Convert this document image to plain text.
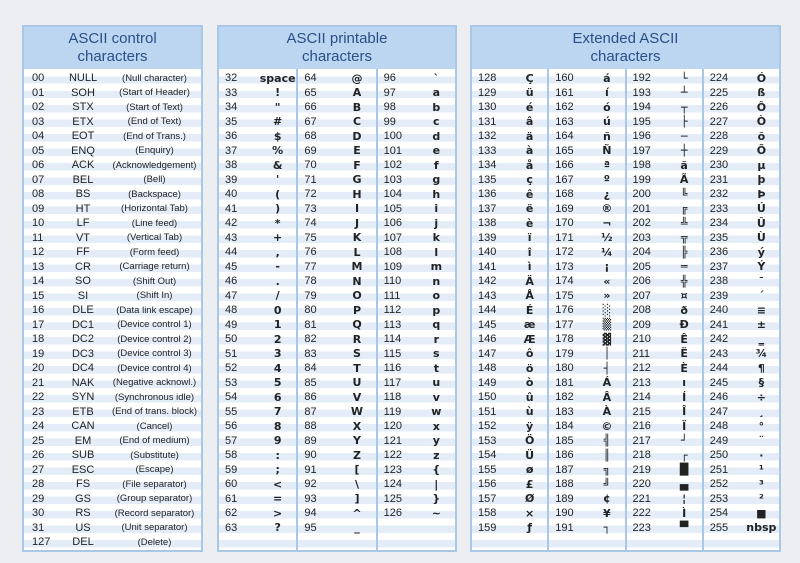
ASCII control
characters
00	NULL	(Null character)
01	SOH	(Start of Header)
02	STX	(Start of Text)
03	ETX	(End of Text)
04	EOT	(End of Trans.)
05	ENQ	(Enquiry)
06	ACK	(Acknowledgement)
07	BEL	(Bell)
08	BS	(Backspace)
09	HT	(Horizontal Tab)
10	LF	(Line feed)
11	VT	(Vertical Tab)
12	FF	(Form feed)
13	CR	(Carriage return)
14	SO	(Shift Out)
15	SI	(Shift In)
16	DLE	(Data link escape)
17	DC1	(Device control 1)
18	DC2	(Device control 2)
19	DC3	(Device control 3)
20	DC4	(Device control 4)
21	NAK	(Negative acknowl.)
22	SYN	(Synchronous idle)
23	ETB	(End of trans. block)
24	CAN	(Cancel)
25	EM	(End of medium)
26	SUB	(Substitute)
27	ESC	(Escape)
28	FS	(File separator)
29	GS	(Group separator)
30	RS	(Record separator)
31	US	(Unit separator)
127	DEL	(Delete)
ASCII printable
characters
32	space
33	!
34	"
35	#
36	$
37	%
38	&
39	'
40	(
41	)
42	*
43	+
44	,
45	-
46	.
47	/
48	0
49	1
50	2
51	3
52	4
53	5
54	6
55	7
56	8
57	9
58	:
59	;
60	<
61	=
62	>
63	?
64	@
65	A
66	B
67	C
68	D
69	E
70	F
71	G
72	H
73	I
74	J
75	K
76	L
77	M
78	N
79	O
80	P
81	Q
82	R
83	S
84	T
85	U
86	V
87	W
88	X
89	Y
90	Z
91	[
92	\
93	]
94	^
95	_
96	`
97	a
98	b
99	c
100	d
101	e
102	f
103	g
104	h
105	i
106	j
107	k
108	l
109	m
110	n
111	o
112	p
113	q
114	r
115	s
116	t
117	u
118	v
119	w
120	x
121	y
122	z
123	{
124	|
125	}
126	~
Extended ASCII
characters
128	Ç
129	ü
130	é
131	â
132	ä
133	à
134	å
135	ç
136	ê
137	ë
138	è
139	ï
140	î
141	ì
142	Ä
143	Å
144	É
145	æ
146	Æ
147	ô
148	ö
149	ò
150	û
151	ù
152	ÿ
153	Ö
154	Ü
155	ø
156	£
157	Ø
158	×
159	ƒ
160	á
161	í
162	ó
163	ú
164	ñ
165	Ñ
166	ª
167	º
168	¿
169	®
170	¬
171	½
172	¼
173	¡
174	«
175	»
176	░
177	▒
178	▓
179	│
180	┤
181	Á
182	Â
183	À
184	©
185	╣
186	║
187	╗
188	╝
189	¢
190	¥
191	┐
192	└
193	┴
194	┬
195	├
196	─
197	┼
198	ã
199	Ã
200	╚
201	╔
202	╩
203	╦
204	╠
205	═
206	╬
207	¤
208	ð
209	Ð
210	Ê
211	Ë
212	È
213	ı
214	Í
215	Î
216	Ï
217	┘
218	┌
219	█
220	▄
221	¦
222	Ì
223	▀
224	Ó
225	ß
226	Ô
227	Ò
228	õ
229	Õ
230	µ
231	þ
232	Þ
233	Ú
234	Û
235	Ù
236	ý
237	Ý
238	¯
239	´
240	≡
241	±
242	‗
243	¾
244	¶
245	§
246	÷
247	¸
248	°
249	¨
250	·
251	¹
252	³
253	²
254	■
255	nbsp
